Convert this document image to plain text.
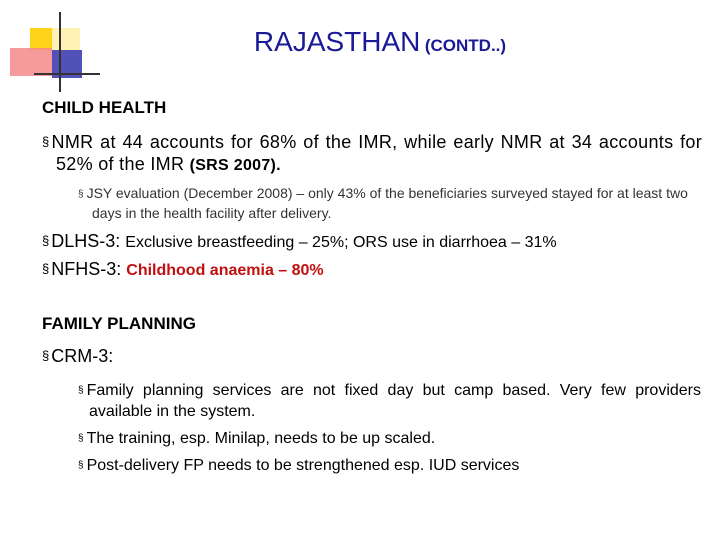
RAJASTHAN (CONTD..)
CHILD HEALTH
§ NMR at 44 accounts for 68% of the IMR, while early NMR at 34 accounts for 52% of the IMR (SRS 2007).
§ JSY evaluation (December 2008) – only 43% of the beneficiaries surveyed stayed for at least two days in the health facility after delivery.
§ DLHS-3: Exclusive breastfeeding – 25%; ORS use in diarrhoea – 31%
§ NFHS-3: Childhood anaemia – 80%
FAMILY PLANNING
§ CRM-3:
§ Family planning services are not fixed day but camp based. Very few providers available in the system.
§ The training, esp. Minilap, needs to be up scaled.
§ Post-delivery FP needs to be strengthened esp. IUD services
